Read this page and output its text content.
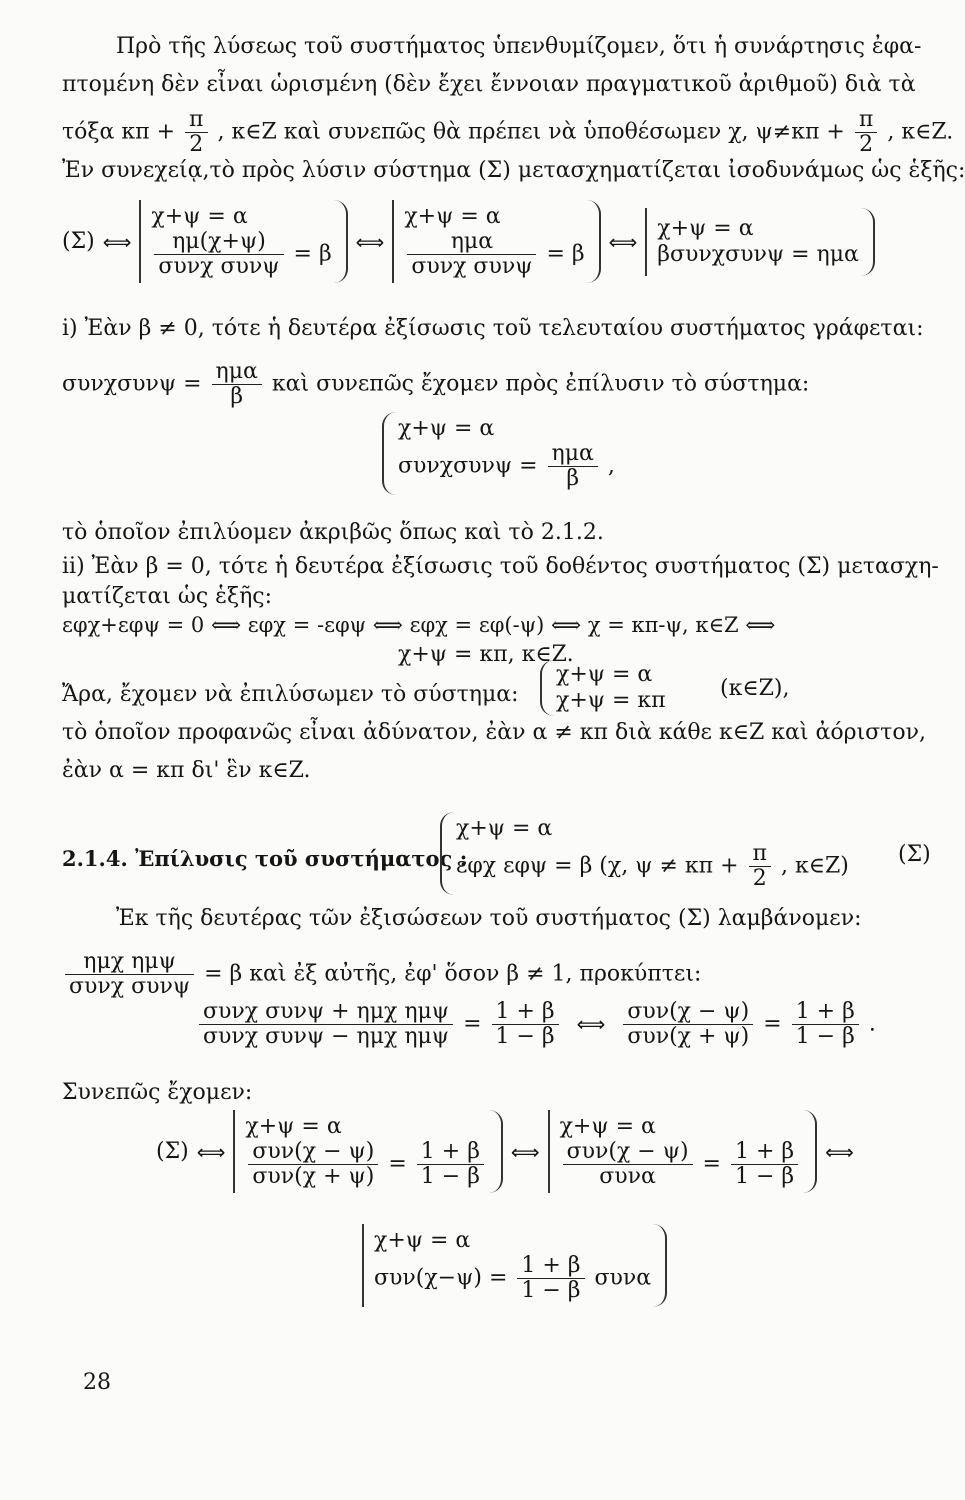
Πρὸ τῆς λύσεως τοῦ συστήματος ὑπενθυμίζομεν, ὅτι ἡ συνάρτησις ἐφα-
πτομένη δὲν εἶναι ὡρισμένη (δὲν ἔχει ἔννοιαν πραγματικοῦ ἀριθμοῦ) διὰ τὰ
τόξα $\kappa\pi + \frac{\pi}{2}$ , κ∈Z καὶ συνεπῶς θὰ πρέπει νὰ ὑποθέσωμεν χ, $\psi\ne\kappa\pi + \frac{\pi}{2}$ , κ∈Z.
Ἐν συνεχείᾳ,τὸ πρὸς λύσιν σύστημα (Σ) μετασχηματίζεται ἰσοδυνάμως ὡς ἑξῆς:
(Σ) ⟺
χ+ψ = α
$\frac{\eta\mu(\chi+\psi)}{\text{συνχ συνψ}} = \beta$	⟺
χ+ψ = α
$\frac{\text{ημα}}{\text{συνχ συνψ}} = \beta$	⟺
χ+ψ = α
βσυνχσυνψ = ημα
i) Ἐὰν β ≠ 0, τότε ἡ δευτέρα ἐξίσωσις τοῦ τελευταίου συστήματος γράφεται:
$\sigma\upsilon\nu\chi\sigma\upsilon\nu\psi = \frac{\text{ημα}}{\beta}$ καὶ συνεπῶς ἔχομεν πρὸς ἐπίλυσιν τὸ σύστημα:
χ+ψ = α
$\sigma\upsilon\nu\chi\sigma\upsilon\nu\psi = \frac{\text{ημα}}{\beta}$ ,
τὸ ὁποῖον ἐπιλύομεν ἀκριβῶς ὅπως καὶ τὸ 2.1.2.
ii) Ἐὰν β = 0, τότε ἡ δευτέρα ἐξίσωσις τοῦ δοθέντος συστήματος (Σ) μετασχη-
ματίζεται ὡς ἑξῆς:
εφχ+εφψ = 0 ⟺ εφχ = -εφψ ⟺ εφχ = εφ(-ψ) ⟺ χ = κπ-ψ, κ∈Z ⟺
χ+ψ = κπ, κ∈Z.
Ἄρα, ἔχομεν νὰ ἐπιλύσωμεν τὸ σύστημα:
χ+ψ = α
χ+ψ = κπ (κ∈Z),
τὸ ὁποῖον προφανῶς εἶναι ἀδύνατον, ἐὰν α ≠ κπ διὰ κάθε κ∈Z καὶ ἀόριστον,
ἐὰν α = κπ δι' ἓν κ∈Z.
2.1.4. Ἐπίλυσις τοῦ συστήματος :
χ+ψ = α
εφχ εφψ = β (χ, $\psi \ne \kappa\pi + \frac{\pi}{2}$ , κ∈Z) (Σ)
Ἐκ τῆς δευτέρας τῶν ἐξισώσεων τοῦ συστήματος (Σ) λαμβάνομεν:
$\frac{\text{ημχ ημψ}}{\text{συνχ συνψ}} = \beta$ καὶ ἐξ αὐτῆς, ἐφ' ὅσον β ≠ 1, προκύπτει:
$\frac{\text{συνχ συνψ + ημχ ημψ}}{\text{συνχ συνψ − ημχ ημψ}} = \frac{1 + \beta}{1 - \beta}$ ⟺ $\frac{\text{συν(χ − ψ)}}{\text{συν(χ + ψ)}} = \frac{1 + \beta}{1 - \beta}$ .
Συνεπῶς ἔχομεν:
(Σ) ⟺
χ+ψ = α
$\frac{\text{συν(χ − ψ)}}{\text{συν(χ + ψ)}} = \frac{1 + \beta}{1 - \beta}$	⟺
χ+ψ = α
$\frac{\text{συν(χ − ψ)}}{\text{συνα}} = \frac{1 + \beta}{1 - \beta}$	⟺
χ+ψ = α
$\sigma\upsilon\nu(\chi-\psi) = \frac{1 + \beta}{1 - \beta}$ συνα
28
